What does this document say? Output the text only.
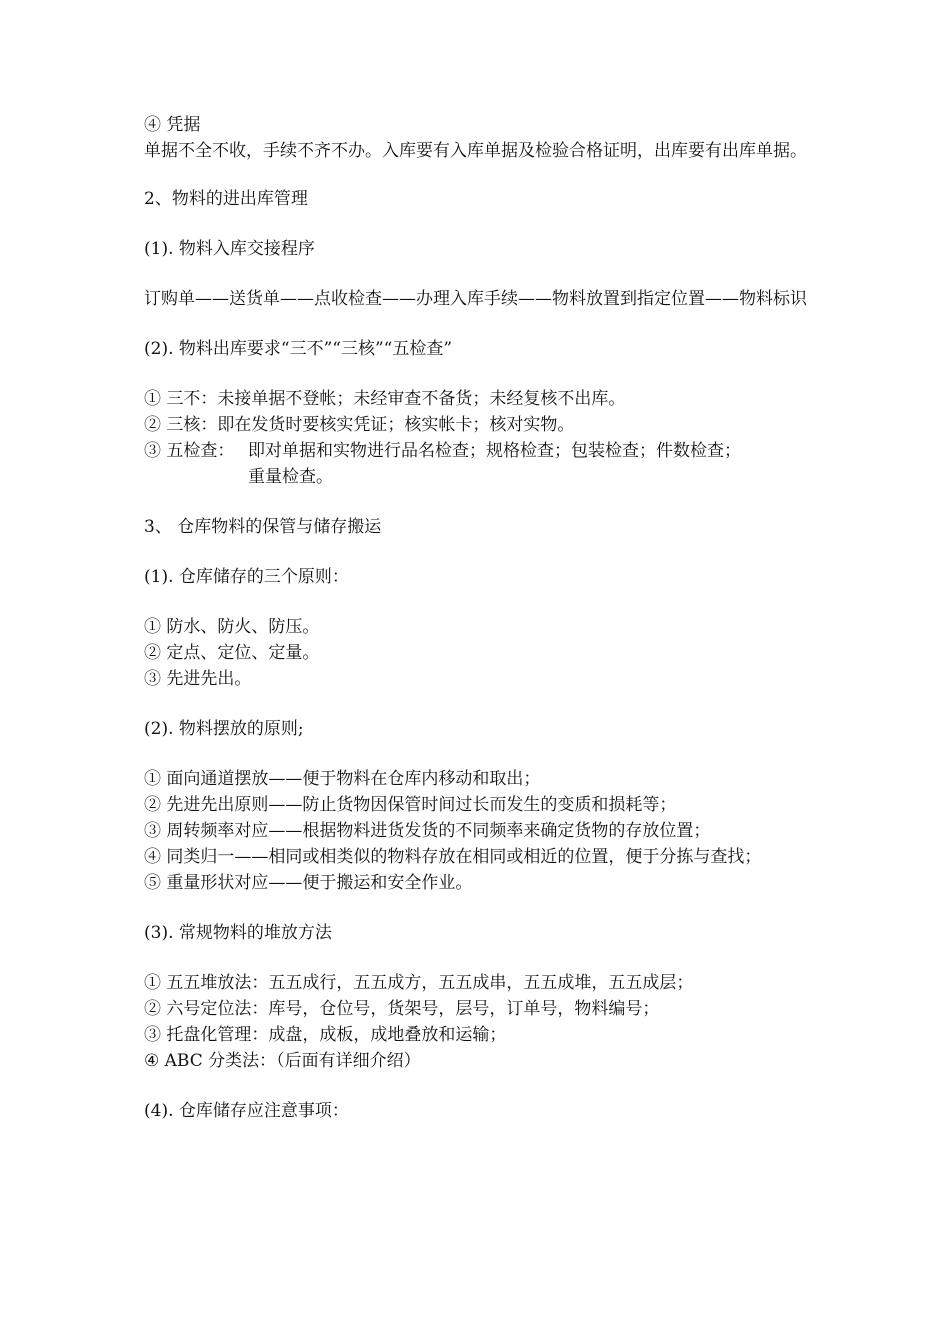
④ 凭据
单据不全不收，手续不齐不办。入库要有入库单据及检验合格证明，出库要有出库单据。
2、物料的进出库管理
(1). 物料入库交接程序
订购单——送货单——点收检查——办理入库手续——物料放置到指定位置——物料标识
(2). 物料出库要求“三不”“三核”“五检查”
① 三不：未接单据不登帐；未经审查不备货；未经复核不出库。
② 三核：即在发货时要核实凭证；核实帐卡；核对实物。
③ 五检查： 即对单据和实物进行品名检查；规格检查；包装检查；件数检查；
重量检查。
3、 仓库物料的保管与储存搬运
(1). 仓库储存的三个原则：
① 防水、防火、防压。
② 定点、定位、定量。
③ 先进先出。
(2). 物料摆放的原则;
① 面向通道摆放——便于物料在仓库内移动和取出；
② 先进先出原则——防止货物因保管时间过长而发生的变质和损耗等；
③ 周转频率对应——根据物料进货发货的不同频率来确定货物的存放位置；
④ 同类归一——相同或相类似的物料存放在相同或相近的位置，便于分拣与查找；
⑤ 重量形状对应——便于搬运和安全作业。
(3). 常规物料的堆放方法
① 五五堆放法：五五成行，五五成方，五五成串，五五成堆，五五成层；
② 六号定位法：库号，仓位号，货架号，层号，订单号，物料编号；
③ 托盘化管理：成盘，成板，成地叠放和运输；
④ ABC 分类法：（后面有详细介绍）
(4). 仓库储存应注意事项：
